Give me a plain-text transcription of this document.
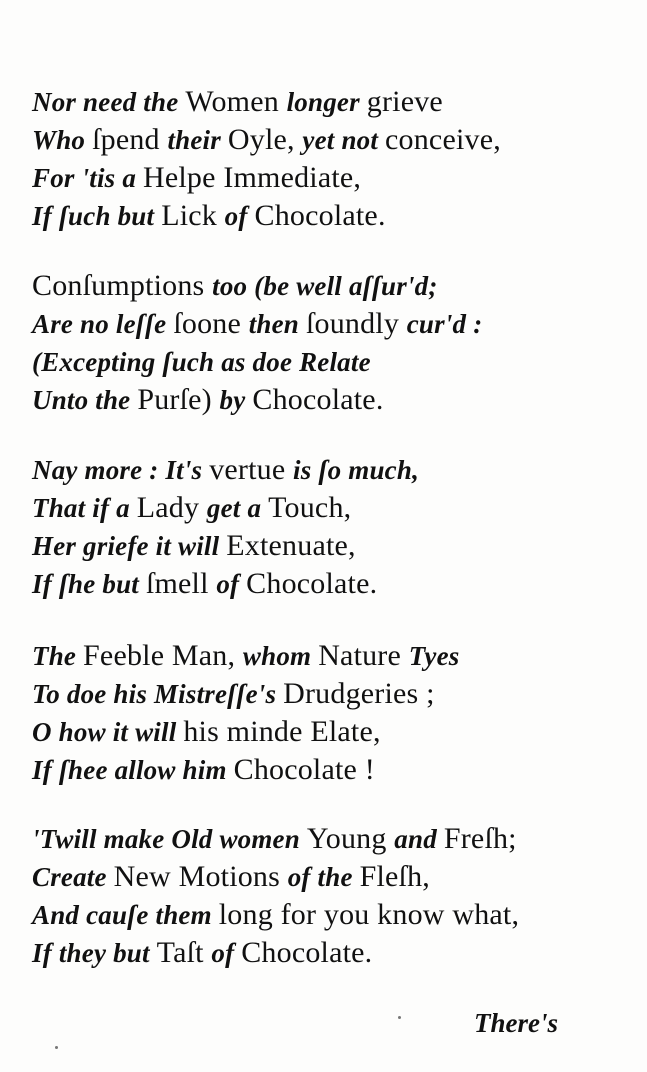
Nor need the Women longer grieve
Who ſpend their Oyle, yet not conceive,
For 'tis a Helpe Immediate,
If ſuch but Lick of Chocolate.
Conſumptions too (be well aſſur'd;
Are no leſſe ſoone then ſoundly cur'd :
(Excepting ſuch as doe Relate
Unto the Purſe) by Chocolate.
Nay more : It's vertue is ſo much,
That if a Lady get a Touch,
Her griefe it will Extenuate,
If ſhe but ſmell of Chocolate.
The Feeble Man, whom Nature Tyes
To doe his Mistreſſe's Drudgeries ;
O how it will his minde Elate,
If ſhee allow him Chocolate !
'Twill make Old women Young and Freſh;
Create New Motions of the Fleſh,
And cauſe them long for you know what,
If they but Taſt of Chocolate.
There's
